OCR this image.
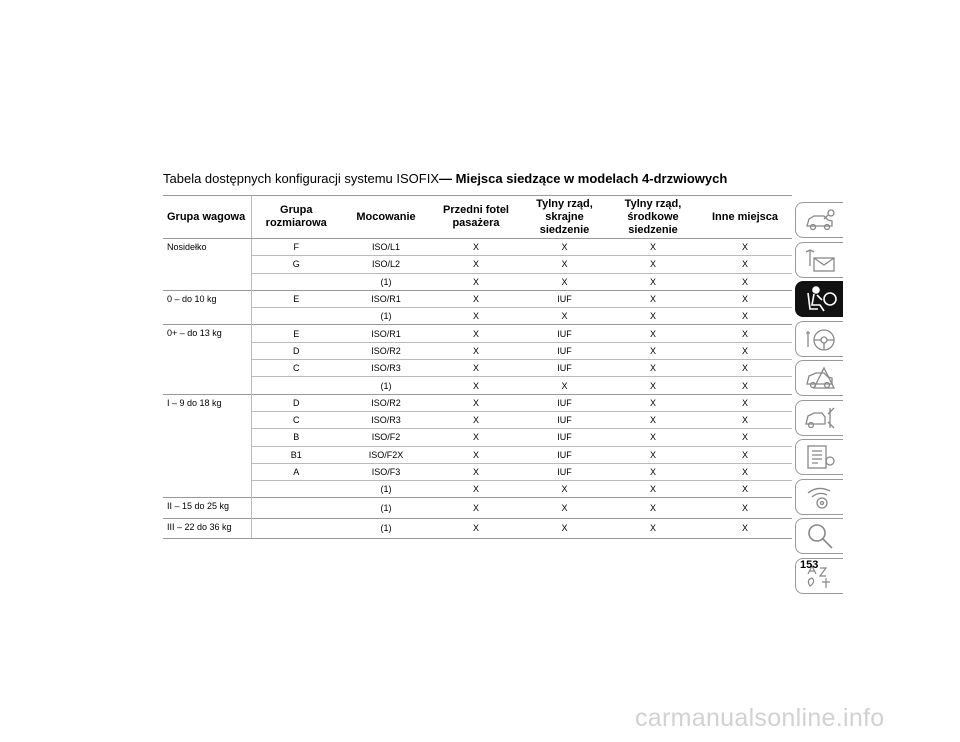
Tabela dostępnych konfiguracji systemu ISOFIX— Miejsca siedzące w modelach 4-drzwiowych
Grupa wagowa	Grupa rozmiarowa	Mocowanie	Przedni fotel pasażera	Tylny rząd, skrajne siedzenie	Tylny rząd, środkowe siedzenie	Inne miejsca
Nosidełko	F	ISO/L1	X	X	X	X
	G	ISO/L2	X	X	X	X
		(1)	X	X	X	X
0 – do 10 kg	E	ISO/R1	X	IUF	X	X
		(1)	X	X	X	X
0+ – do 13 kg	E	ISO/R1	X	IUF	X	X
	D	ISO/R2	X	IUF	X	X
	C	ISO/R3	X	IUF	X	X
		(1)	X	X	X	X
I – 9 do 18 kg	D	ISO/R2	X	IUF	X	X
	C	ISO/R3	X	IUF	X	X
	B	ISO/F2	X	IUF	X	X
	B1	ISO/F2X	X	IUF	X	X
	A	ISO/F3	X	IUF	X	X
		(1)	X	X	X	X
II – 15 do 25 kg		(1)	X	X	X	X
III – 22 do 36 kg		(1)	X	X	X	X
153
carmanualsonline.info
